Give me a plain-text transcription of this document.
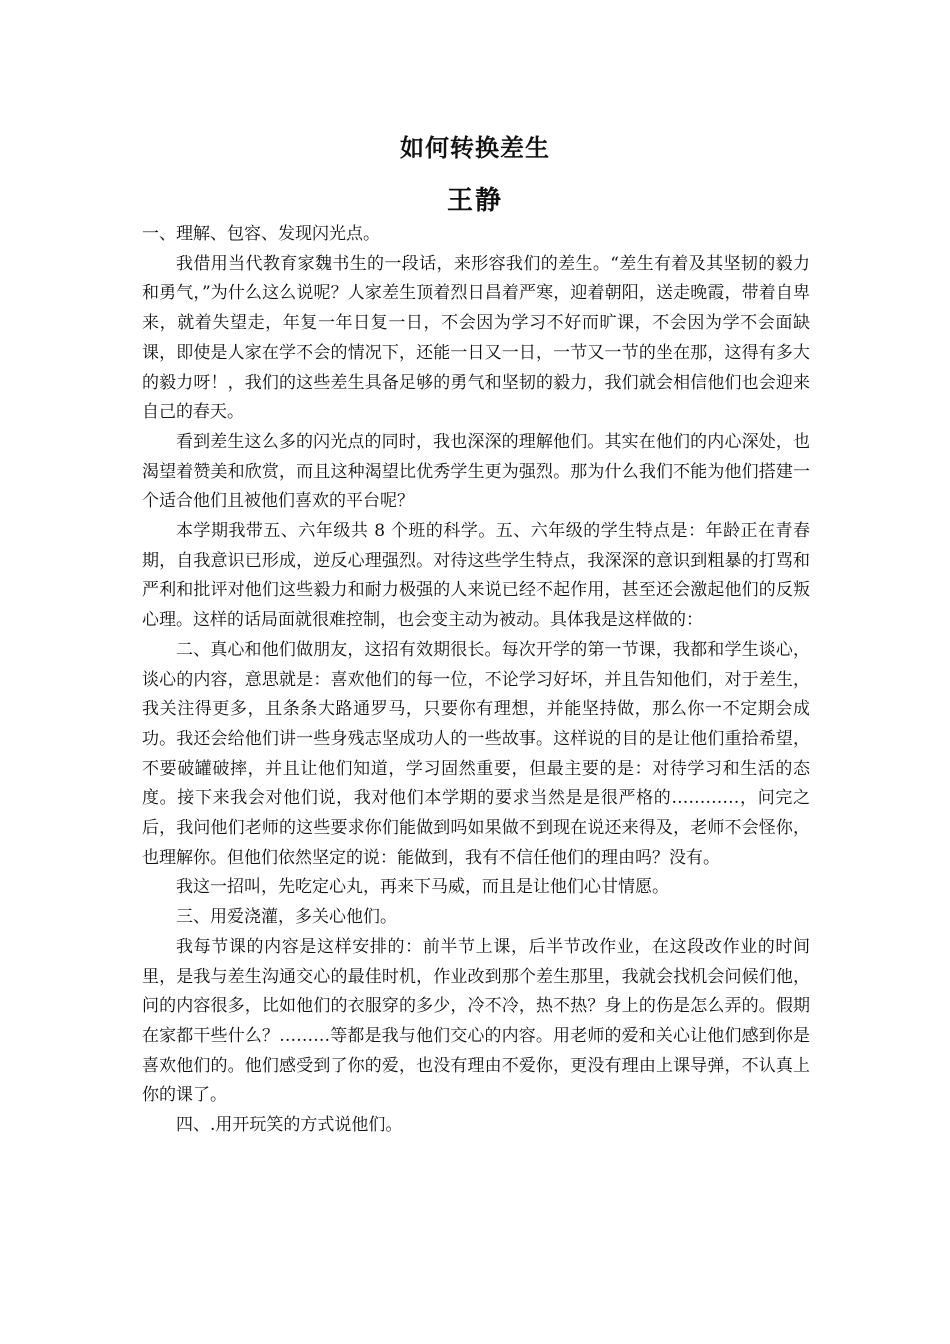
如何转换差生
王静

一、理解、包容、发现闪光点。

我借用当代教育家魏书生的一段话，来形容我们的差生。“差生有着及其坚韧的毅力和勇气，”为什么这么说呢？人家差生顶着烈日昌着严寒，迎着朝阳，送走晚霞，带着自卑来，就着失望走，年复一年日复一日，不会因为学习不好而旷课，不会因为学不会面缺课，即使是人家在学不会的情况下，还能一日又一日，一节又一节的坐在那，这得有多大的毅力呀！，我们的这些差生具备足够的勇气和坚韧的毅力，我们就会相信他们也会迎来自己的春天。

看到差生这么多的闪光点的同时，我也深深的理解他们。其实在他们的内心深处，也渴望着赞美和欣赏，而且这种渴望比优秀学生更为强烈。那为什么我们不能为他们搭建一个适合他们且被他们喜欢的平台呢？

本学期我带五、六年级共 8 个班的科学。五、六年级的学生特点是：年龄正在青春期，自我意识已形成，逆反心理强烈。对待这些学生特点，我深深的意识到粗暴的打骂和严利和批评对他们这些毅力和耐力极强的人来说已经不起作用，甚至还会激起他们的反叛心理。这样的话局面就很难控制，也会变主动为被动。具体我是这样做的：

二、真心和他们做朋友，这招有效期很长。每次开学的第一节课，我都和学生谈心，谈心的内容，意思就是：喜欢他们的每一位，不论学习好坏，并且告知他们，对于差生，我关注得更多，且条条大路通罗马，只要你有理想，并能坚持做，那么你一不定期会成功。我还会给他们讲一些身残志坚成功人的一些故事。这样说的目的是让他们重拾希望，不要破罐破摔，并且让他们知道，学习固然重要，但最主要的是：对待学习和生活的态度。接下来我会对他们说，我对他们本学期的要求当然是是很严格的…………，问完之后，我问他们老师的这些要求你们能做到吗如果做不到现在说还来得及，老师不会怪你，也理解你。但他们依然坚定的说：能做到，我有不信任他们的理由吗？没有。

我这一招叫，先吃定心丸，再来下马威，而且是让他们心甘情愿。

三、用爱浇灌，多关心他们。

我每节课的内容是这样安排的：前半节上课，后半节改作业，在这段改作业的时间里，是我与差生沟通交心的最佳时机，作业改到那个差生那里，我就会找机会问候们他，问的内容很多，比如他们的衣服穿的多少，冷不冷，热不热？身上的伤是怎么弄的。假期在家都干些什么？………等都是我与他们交心的内容。用老师的爱和关心让他们感到你是喜欢他们的。他们感受到了你的爱，也没有理由不爱你，更没有理由上课导弹，不认真上你的课了。

四、.用开玩笑的方式说他们。
